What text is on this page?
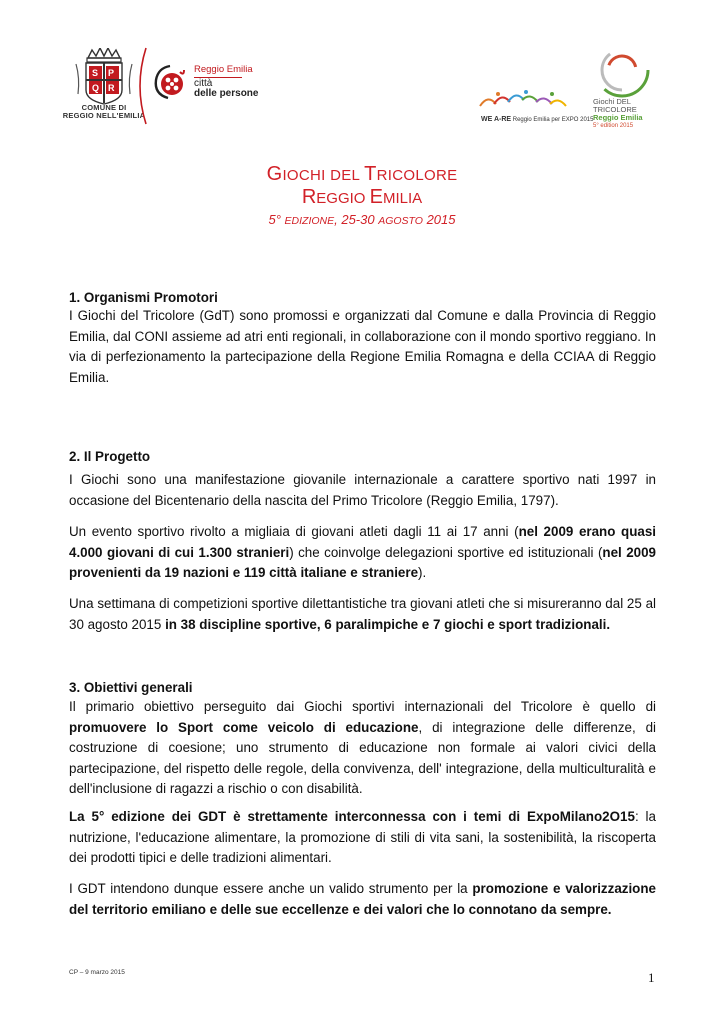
S P
Q R
COMUNE DI
REGGIO NELL'EMILIA
Reggio Emilia
città
delle persone
WE A-RE Reggio Emilia per EXPO 2015
Giochi DEL
TRICOLORE
Reggio Emilia
5° edition 2015
GIOCHI DEL TRICOLORE
REGGIO EMILIA
5° EDIZIONE, 25-30 AGOSTO 2015
1. Organismi Promotori

I Giochi del Tricolore (GdT) sono promossi e organizzati dal Comune e dalla Provincia di Reggio Emilia, dal CONI assieme ad atri enti regionali, in collaborazione con il mondo sportivo reggiano. In via di perfezionamento la partecipazione della Regione Emilia Romagna e della CCIAA di Reggio Emilia.

2. Il Progetto

I Giochi sono una manifestazione giovanile internazionale a carattere sportivo nati 1997 in occasione del Bicentenario della nascita del Primo Tricolore (Reggio Emilia, 1797).

Un evento sportivo rivolto a migliaia di giovani atleti dagli 11 ai 17 anni (nel 2009 erano quasi 4.000 giovani di cui 1.300 stranieri) che coinvolge delegazioni sportive ed istituzionali (nel 2009 provenienti da 19 nazioni e 119 città italiane e straniere).

Una settimana di competizioni sportive dilettantistiche tra giovani atleti che si misureranno dal 25 al 30 agosto 2015 in 38 discipline sportive, 6 paralimpiche e 7 giochi e sport tradizionali.

3. Obiettivi generali

Il primario obiettivo perseguito dai Giochi sportivi internazionali del Tricolore è quello di promuovere lo Sport come veicolo di educazione, di integrazione delle differenze, di costruzione di coesione; uno strumento di educazione non formale ai valori civici della partecipazione, del rispetto delle regole, della convivenza, dell' integrazione, della multiculturalità e dell'inclusione di ragazzi a rischio o con disabilità.

La 5° edizione dei GDT è strettamente interconnessa con i temi di ExpoMilano2O15: la nutrizione, l'educazione alimentare, la promozione di stili di vita sani, la sostenibilità, la riscoperta dei prodotti tipici e delle tradizioni alimentari.

I GDT intendono dunque essere anche un valido strumento per la promozione e valorizzazione del territorio emiliano e delle sue eccellenze e dei valori che lo connotano da sempre.

CP – 9 marzo 2015	1
